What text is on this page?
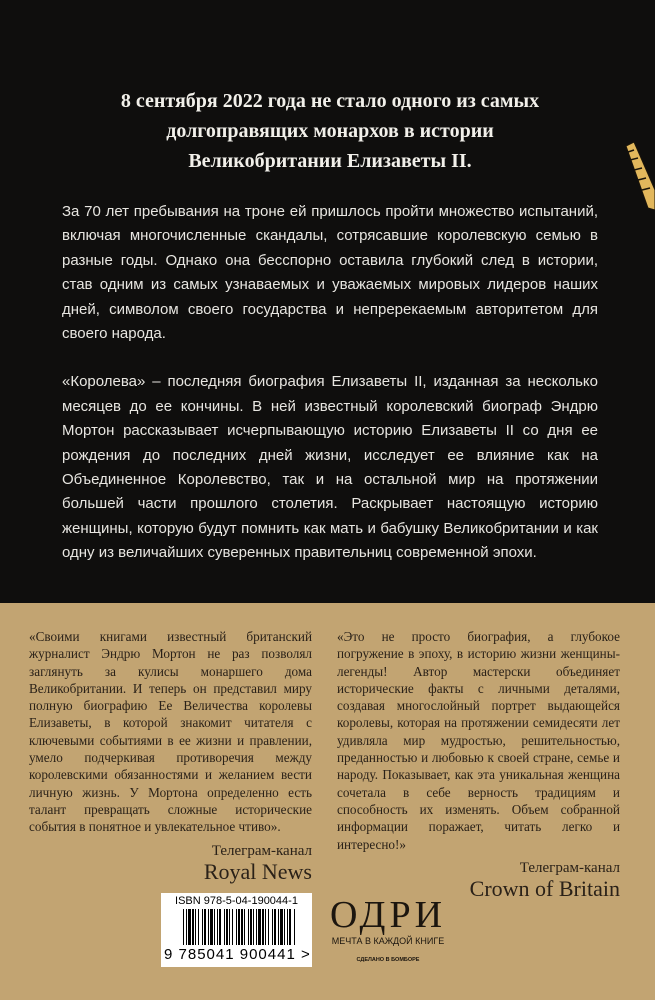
8 сентября 2022 года не стало одного из самых
долгоправящих монархов в истории
Великобритании Елизаветы II.

За 70 лет пребывания на троне ей пришлось пройти множество испытаний, включая многочисленные скандалы, сотрясавшие королевскую семью в разные годы. Однако она бесспорно оставила глубокий след в истории, став одним из самых узнаваемых и уважаемых мировых лидеров наших дней, символом своего государства и непререкаемым авторитетом для своего народа.

«Королева» – последняя биография Елизаветы II, изданная за несколько месяцев до ее кончины. В ней известный королевский биограф Эндрю Мортон рассказывает исчерпывающую историю Елизаветы II со дня ее рождения до последних дней жизни, исследует ее влияние как на Объединенное Королевство, так и на остальной мир на протяжении большей части прошлого столетия. Раскрывает настоящую историю женщины, которую будут помнить как мать и бабушку Великобритании и как одну из величайших суверенных правительниц современной эпохи.

«Своими книгами известный британский журналист Эндрю Мортон не раз позволял заглянуть за кулисы монаршего дома Великобритании. И теперь он представил миру полную биографию Ее Величества королевы Елизаветы, в которой знакомит читателя с ключевыми событиями в ее жизни и правлении, умело подчеркивая противоречия между королевскими обязанностями и желанием вести личную жизнь. У Мортона определенно есть талант превращать сложные исторические события в понятное и увлекательное чтиво».

Телеграм-канал
Royal News

«Это не просто биография, а глубокое погружение в эпоху, в историю жизни женщины-легенды! Автор мастерски объединяет исторические факты с личными деталями, создавая многослойный портрет выдающейся королевы, которая на протяжении семидесяти лет удивляла мир мудростью, решительностью, преданностью и любовью к своей стране, семье и народу. Показывает, как эта уникальная женщина сочетала в себе верность традициям и способность их изменять. Объем собранной информации поражает, читать легко и интересно!»

Телеграм-канал
Crown of Britain
ISBN 978-5-04-190044-1
9 785041 900441 >
ОДРИ
МЕЧТА В КАЖДОЙ КНИГЕ
СДЕЛАНО В БОМБОРЕ
